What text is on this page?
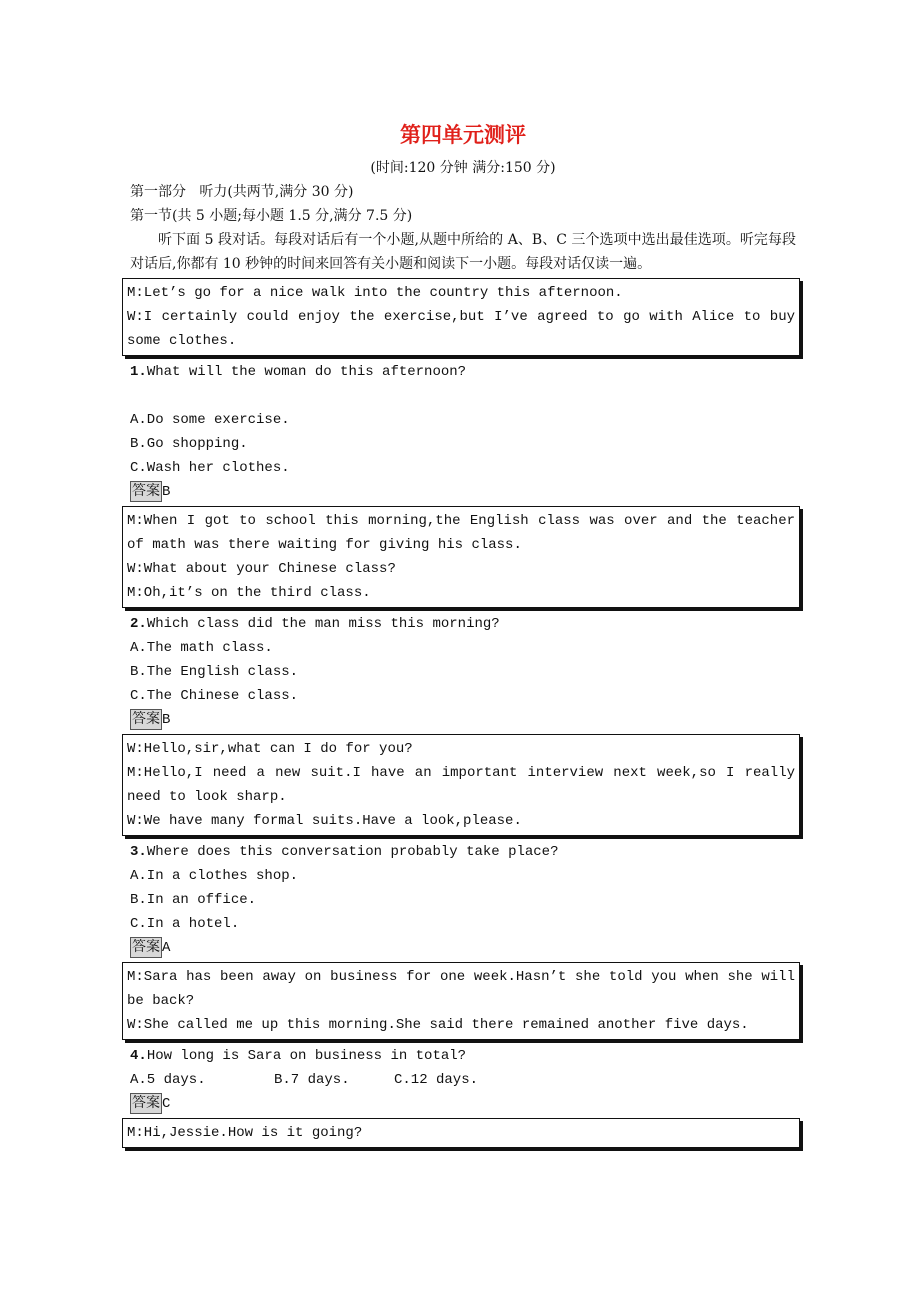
第四单元测评
(时间:120 分钟 满分:150 分)
第一部分   听力(共两节,满分 30 分)
第一节(共 5 小题;每小题 1.5 分,满分 7.5 分)
听下面 5 段对话。每段对话后有一个小题,从题中所给的 A、B、C 三个选项中选出最佳选项。听完每段对话后,你都有 10 秒钟的时间来回答有关小题和阅读下一小题。每段对话仅读一遍。
M:Let’s go for a nice walk into the country this afternoon.
W:I certainly could enjoy the exercise,but I’ve agreed to go with Alice to buy some clothes.
1.What will the woman do this afternoon?
A.Do some exercise.
B.Go shopping.
C.Wash her clothes.
答案 B
M:When I got to school this morning,the English class was over and the teacher of math was there waiting for giving his class.
W:What about your Chinese class?
M:Oh,it’s on the third class.
2.Which class did the man miss this morning?
A.The math class.
B.The English class.
C.The Chinese class.
答案 B
W:Hello,sir,what can I do for you?
M:Hello,I need a new suit.I have an important interview next week,so I really need to look sharp.
W:We have many formal suits.Have a look,please.
3.Where does this conversation probably take place?
A.In a clothes shop.
B.In an office.
C.In a hotel.
答案 A
M:Sara has been away on business for one week.Hasn’t she told you when she will be back?
W:She called me up this morning.She said there remained another five days.
4.How long is Sara on business in total?
A.5 days.	B.7 days.	C.12 days.
答案 C
M:Hi,Jessie.How is it going?
